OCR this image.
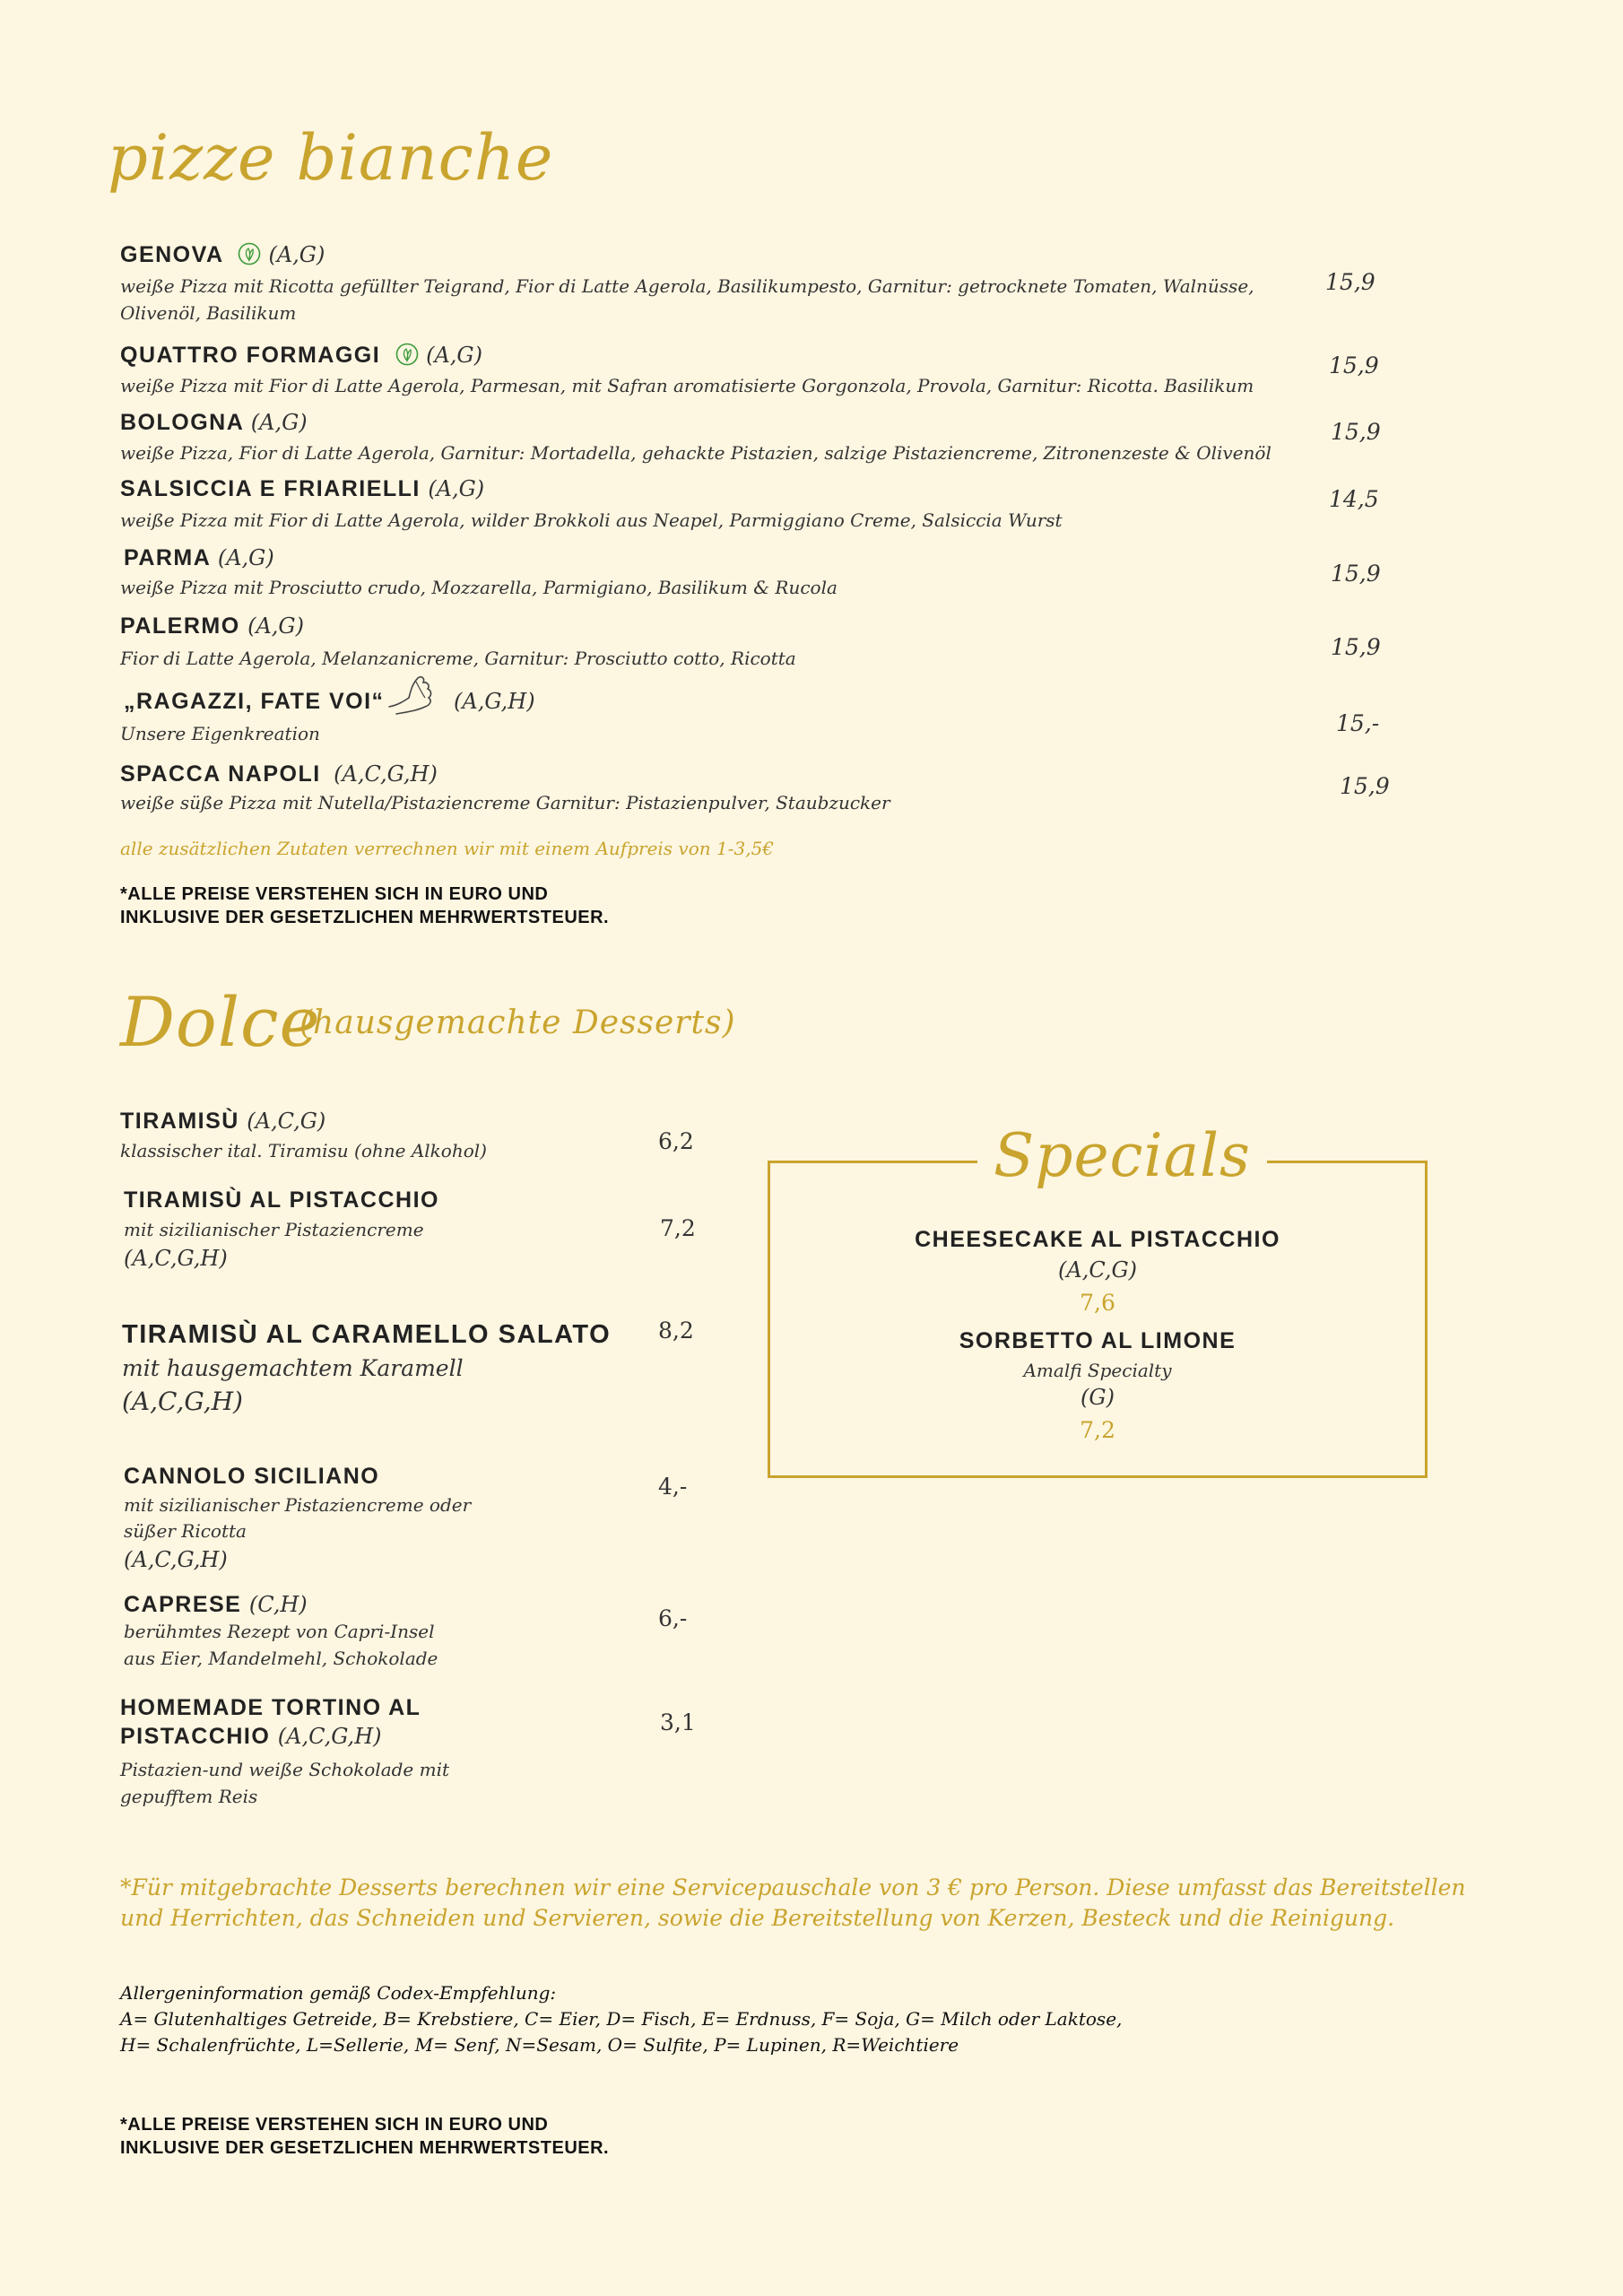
pizze bianche
GENOVA (A,G)
weiße Pizza mit Ricotta gefüllter Teigrand, Fior di Latte Agerola, Basilikumpesto, Garnitur: getrocknete Tomaten, Walnüsse,
Olivenöl, Basilikum
15,9
QUATTRO FORMAGGI (A,G)
weiße Pizza mit Fior di Latte Agerola, Parmesan, mit Safran aromatisierte Gorgonzola, Provola, Garnitur: Ricotta. Basilikum
15,9
BOLOGNA (A,G)
weiße Pizza, Fior di Latte Agerola, Garnitur: Mortadella, gehackte Pistazien, salzige Pistaziencreme, Zitronenzeste & Olivenöl
15,9
SALSICCIA E FRIARIELLI (A,G)
weiße Pizza mit Fior di Latte Agerola, wilder Brokkoli aus Neapel, Parmiggiano Creme, Salsiccia Wurst
14,5
PARMA (A,G)
weiße Pizza mit Prosciutto crudo, Mozzarella, Parmigiano, Basilikum & Rucola
15,9
PALERMO (A,G)
Fior di Latte Agerola, Melanzanicreme, Garnitur: Prosciutto cotto, Ricotta	15,9
„RAGAZZI, FATE VOI“	(A,G,H)
Unsere Eigenkreation	15,-
SPACCA NAPOLI (A,C,G,H)
weiße süße Pizza mit Nutella/Pistaziencreme Garnitur: Pistazienpulver, Staubzucker
15,9
alle zusätzlichen Zutaten verrechnen wir mit einem Aufpreis von 1-3,5€
*ALLE PREISE VERSTEHEN SICH IN EURO UND
INKLUSIVE DER GESETZLICHEN MEHRWERTSTEUER.
Dolce
(hausgemachte Desserts)
TIRAMISÙ (A,C,G)
klassischer ital. Tiramisu (ohne Alkohol)	6,2
TIRAMISÙ AL PISTACCHIO
mit sizilianischer Pistaziencreme
(A,C,G,H)
7,2
TIRAMISÙ AL CARAMELLO SALATO
mit hausgemachtem Karamell
(A,C,G,H)
8,2
CANNOLO SICILIANO
mit sizilianischer Pistaziencreme oder
süßer Ricotta
(A,C,G,H)
4,-
CAPRESE (C,H)
berühmtes Rezept von Capri-Insel
aus Eier, Mandelmehl, Schokolade
6,-
HOMEMADE TORTINO AL
PISTACCHIO (A,C,G,H)
Pistazien-und weiße Schokolade mit
gepufftem Reis
3,1
Specials
CHEESECAKE AL PISTACCHIO
(A,C,G)
7,6
SORBETTO AL LIMONE
Amalfi Specialty
(G)
7,2
*Für mitgebrachte Desserts berechnen wir eine Servicepauschale von 3 € pro Person. Diese umfasst das Bereitstellen
und Herrichten, das Schneiden und Servieren, sowie die Bereitstellung von Kerzen, Besteck und die Reinigung.
Allergeninformation gemäß Codex-Empfehlung:
A= Glutenhaltiges Getreide, B= Krebstiere, C= Eier, D= Fisch, E= Erdnuss, F= Soja, G= Milch oder Laktose,
H= Schalenfrüchte, L=Sellerie, M= Senf, N=Sesam, O= Sulfite, P= Lupinen, R=Weichtiere
*ALLE PREISE VERSTEHEN SICH IN EURO UND
INKLUSIVE DER GESETZLICHEN MEHRWERTSTEUER.
